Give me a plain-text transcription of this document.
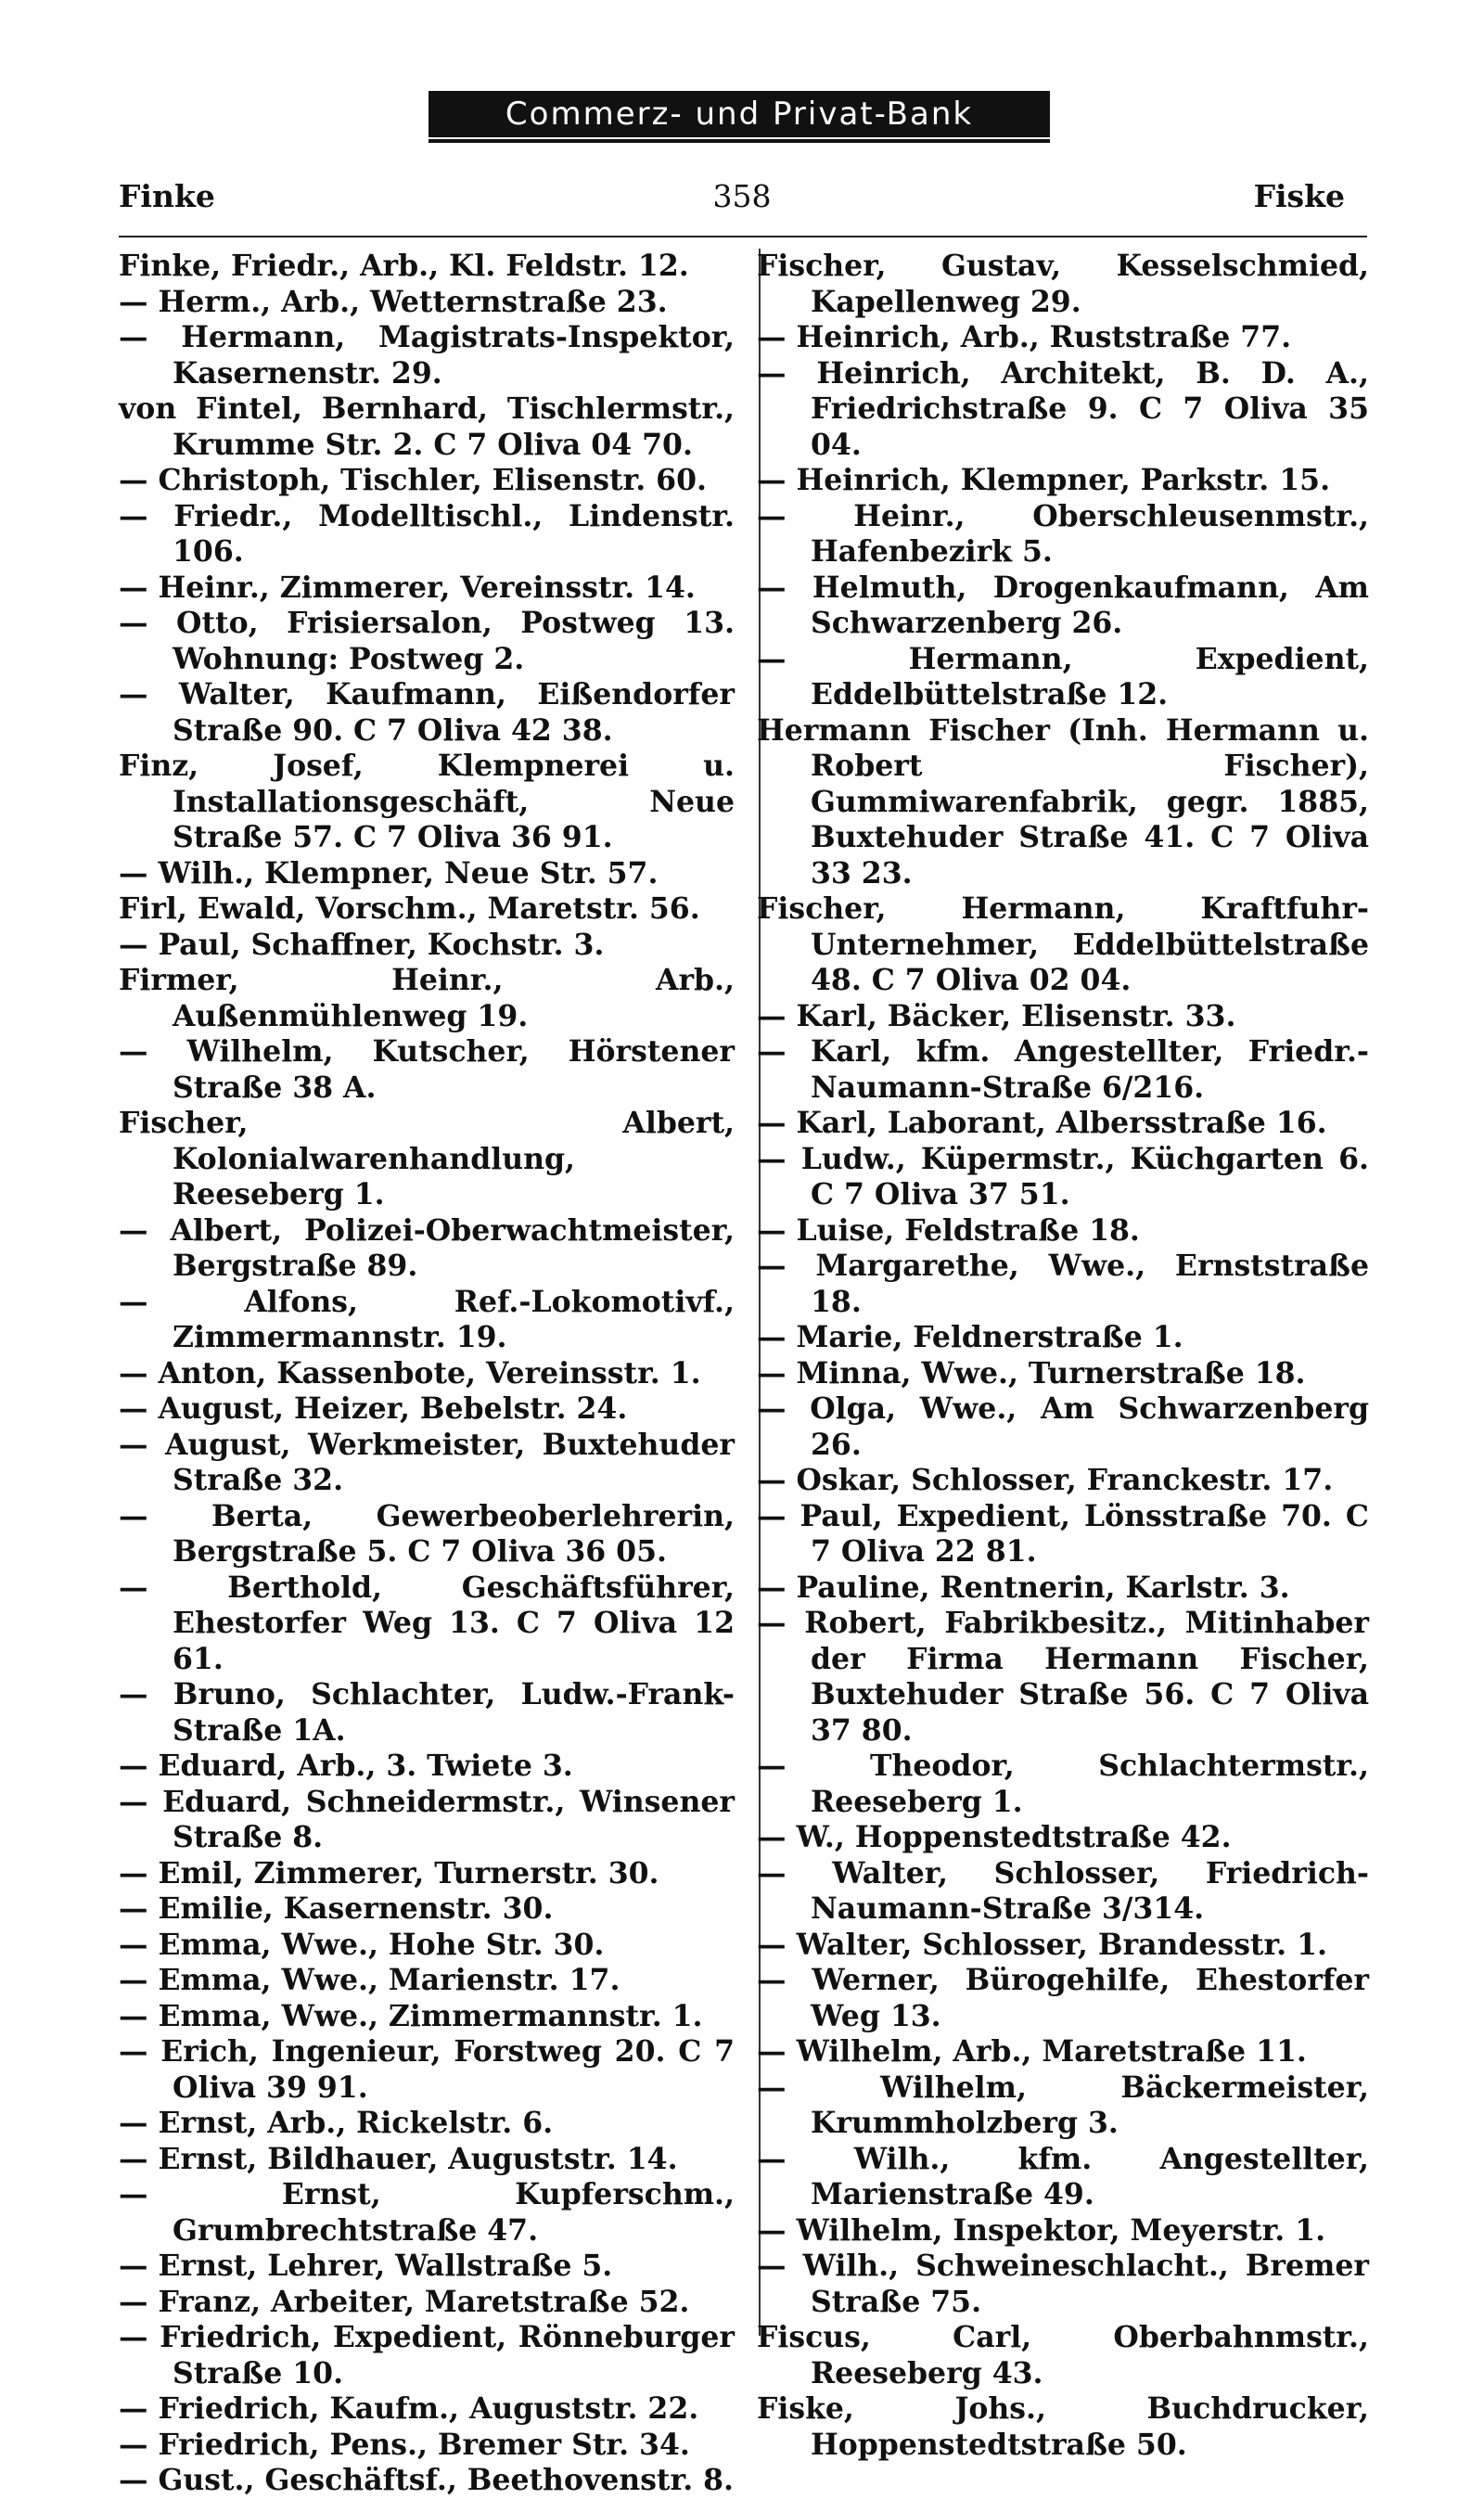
Commerz- und Privat-Bank
Finke	358	Fiske
Finke, Friedr., Arb., Kl. Feldstr. 12.
— Herm., Arb., Wetternstraße 23.
— Hermann, Magistrats-Inspektor, Kasernenstr. 29.
von Fintel, Bernhard, Tischlermstr., Krumme Str. 2. C 7 Oliva 04 70.
— Christoph, Tischler, Elisenstr. 60.
— Friedr., Modelltischl., Lindenstr. 106.
— Heinr., Zimmerer, Vereinsstr. 14.
— Otto, Frisiersalon, Postweg 13. Wohnung: Postweg 2.
— Walter, Kaufmann, Eißendorfer Straße 90. C 7 Oliva 42 38.
Finz, Josef, Klempnerei u. Installationsgeschäft, Neue Straße 57. C 7 Oliva 36 91.
— Wilh., Klempner, Neue Str. 57.
Firl, Ewald, Vorschm., Maretstr. 56.
— Paul, Schaffner, Kochstr. 3.
Firmer, Heinr., Arb., Außenmühlenweg 19.
— Wilhelm, Kutscher, Hörstener Straße 38 A.
Fischer, Albert, Kolonialwarenhandlung, Reeseberg 1.
— Albert, Polizei-Oberwachtmeister, Bergstraße 89.
— Alfons, Ref.-Lokomotivf., Zimmermannstr. 19.
— Anton, Kassenbote, Vereinsstr. 1.
— August, Heizer, Bebelstr. 24.
— August, Werkmeister, Buxtehuder Straße 32.
— Berta, Gewerbeoberlehrerin, Bergstraße 5. C 7 Oliva 36 05.
— Berthold, Geschäftsführer, Ehestorfer Weg 13. C 7 Oliva 12 61.
— Bruno, Schlachter, Ludw.-Frank-Straße 1A.
— Eduard, Arb., 3. Twiete 3.
— Eduard, Schneidermstr., Winsener Straße 8.
— Emil, Zimmerer, Turnerstr. 30.
— Emilie, Kasernenstr. 30.
— Emma, Wwe., Hohe Str. 30.
— Emma, Wwe., Marienstr. 17.
— Emma, Wwe., Zimmermannstr. 1.
— Erich, Ingenieur, Forstweg 20. C 7 Oliva 39 91.
— Ernst, Arb., Rickelstr. 6.
— Ernst, Bildhauer, Auguststr. 14.
— Ernst, Kupferschm., Grumbrechtstraße 47.
— Ernst, Lehrer, Wallstraße 5.
— Franz, Arbeiter, Maretstraße 52.
— Friedrich, Expedient, Rönneburger Straße 10.
— Friedrich, Kaufm., Auguststr. 22.
— Friedrich, Pens., Bremer Str. 34.
— Gust., Geschäftsf., Beethovenstr. 8.
Fischer, Gustav, Kesselschmied, Kapellenweg 29.
— Heinrich, Arb., Ruststraße 77.
— Heinrich, Architekt, B. D. A., Friedrichstraße 9. C 7 Oliva 35 04.
— Heinrich, Klempner, Parkstr. 15.
— Heinr., Oberschleusenmstr., Hafenbezirk 5.
— Helmuth, Drogenkaufmann, Am Schwarzenberg 26.
— Hermann, Expedient, Eddelbüttelstraße 12.
Hermann Fischer (Inh. Hermann u. Robert Fischer), Gummiwarenfabrik, gegr. 1885, Buxtehuder Straße 41. C 7 Oliva 33 23.
Fischer, Hermann, Kraftfuhr-Unternehmer, Eddelbüttelstraße 48. C 7 Oliva 02 04.
— Karl, Bäcker, Elisenstr. 33.
— Karl, kfm. Angestellter, Friedr.-Naumann-Straße 6/216.
— Karl, Laborant, Albersstraße 16.
— Ludw., Küpermstr., Küchgarten 6. C 7 Oliva 37 51.
— Luise, Feldstraße 18.
— Margarethe, Wwe., Ernststraße 18.
— Marie, Feldnerstraße 1.
— Minna, Wwe., Turnerstraße 18.
— Olga, Wwe., Am Schwarzenberg 26.
— Oskar, Schlosser, Franckestr. 17.
— Paul, Expedient, Lönsstraße 70. C 7 Oliva 22 81.
— Pauline, Rentnerin, Karlstr. 3.
— Robert, Fabrikbesitz., Mitinhaber der Firma Hermann Fischer, Buxtehuder Straße 56. C 7 Oliva 37 80.
— Theodor, Schlachtermstr., Reeseberg 1.
— W., Hoppenstedtstraße 42.
— Walter, Schlosser, Friedrich-Naumann-Straße 3/314.
— Walter, Schlosser, Brandesstr. 1.
— Werner, Bürogehilfe, Ehestorfer Weg 13.
— Wilhelm, Arb., Maretstraße 11.
— Wilhelm, Bäckermeister, Krummholzberg 3.
— Wilh., kfm. Angestellter, Marienstraße 49.
— Wilhelm, Inspektor, Meyerstr. 1.
— Wilh., Schweineschlacht., Bremer Straße 75.
Fiscus, Carl, Oberbahnmstr., Reeseberg 43.
Fiske, Johs., Buchdrucker, Hoppenstedtstraße 50.
